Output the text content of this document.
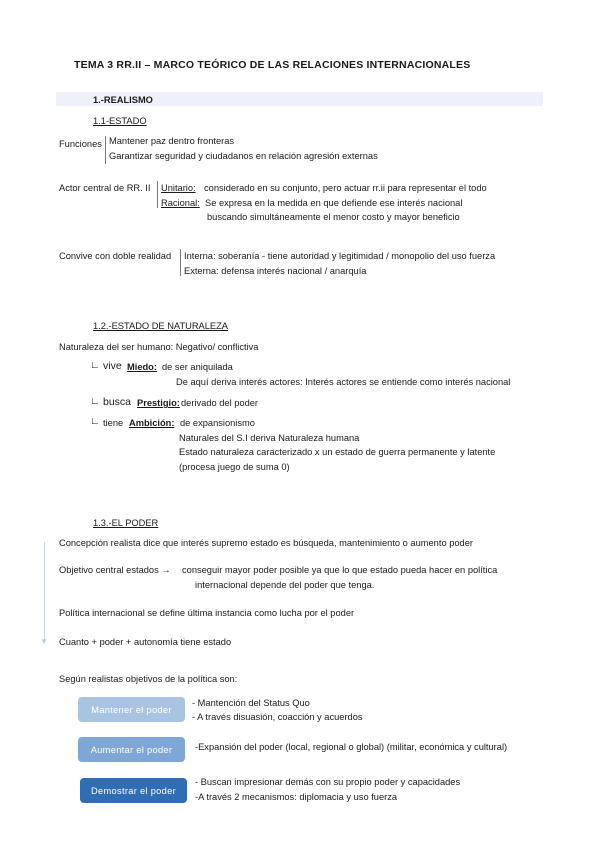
TEMA 3 RR.II – MARCO TEÓRICO DE LAS RELACIONES INTERNACIONALES
1.-REALISMO
1.1-ESTADO
Funciones Mantener paz dentro fronteras
Garantizar seguridad y ciudadanos en relación agresión externas
Actor central de RR. II Unitario: considerado en su conjunto, pero actuar rr.ii para representar el todo
Racional: Se expresa en la medida en que defiende ese interés nacional
buscando simultáneamente el menor costo y mayor beneficio
Convive con doble realidad Interna: soberanía - tiene autoridad y legitimidad / monopolio del uso fuerza
Externa: defensa interés nacional / anarquía
1.2.-ESTADO DE NATURALEZA
Naturaleza del ser humano: Negativo/ conflictiva
∟ vive Miedo: de ser aniquilada
De aquí deriva interés actores: Interés actores se entiende como interés nacional
∟ busca Prestigio: derivado del poder
∟ tiene Ambición: de expansionismo
Naturales del S.I deriva Naturaleza humana
Estado naturaleza caracterizado x un estado de guerra permanente y latente
(procesa juego de suma 0)
1.3.-EL PODER
▼
Concepción realista dice que interés supremo estado es búsqueda, mantenimiento o aumento poder
Objetivo central estados → conseguir mayor poder posible ya que lo que estado pueda hacer en política
internacional depende del poder que tenga.
Política internacional se define última instancia como lucha por el poder
Cuanto + poder + autonomía tiene estado
Según realistas objetivos de la política son:
Mantener el poder
- Mantención del Status Quo
- A través disuasión, coacción y acuerdos
Aumentar el poder	-Expansión del poder (local, regional o global) (militar, económica y cultural)
Demostrar el poder
- Buscan impresionar demás con su propio poder y capacidades
-A través 2 mecanismos: diplomacia y uso fuerza
